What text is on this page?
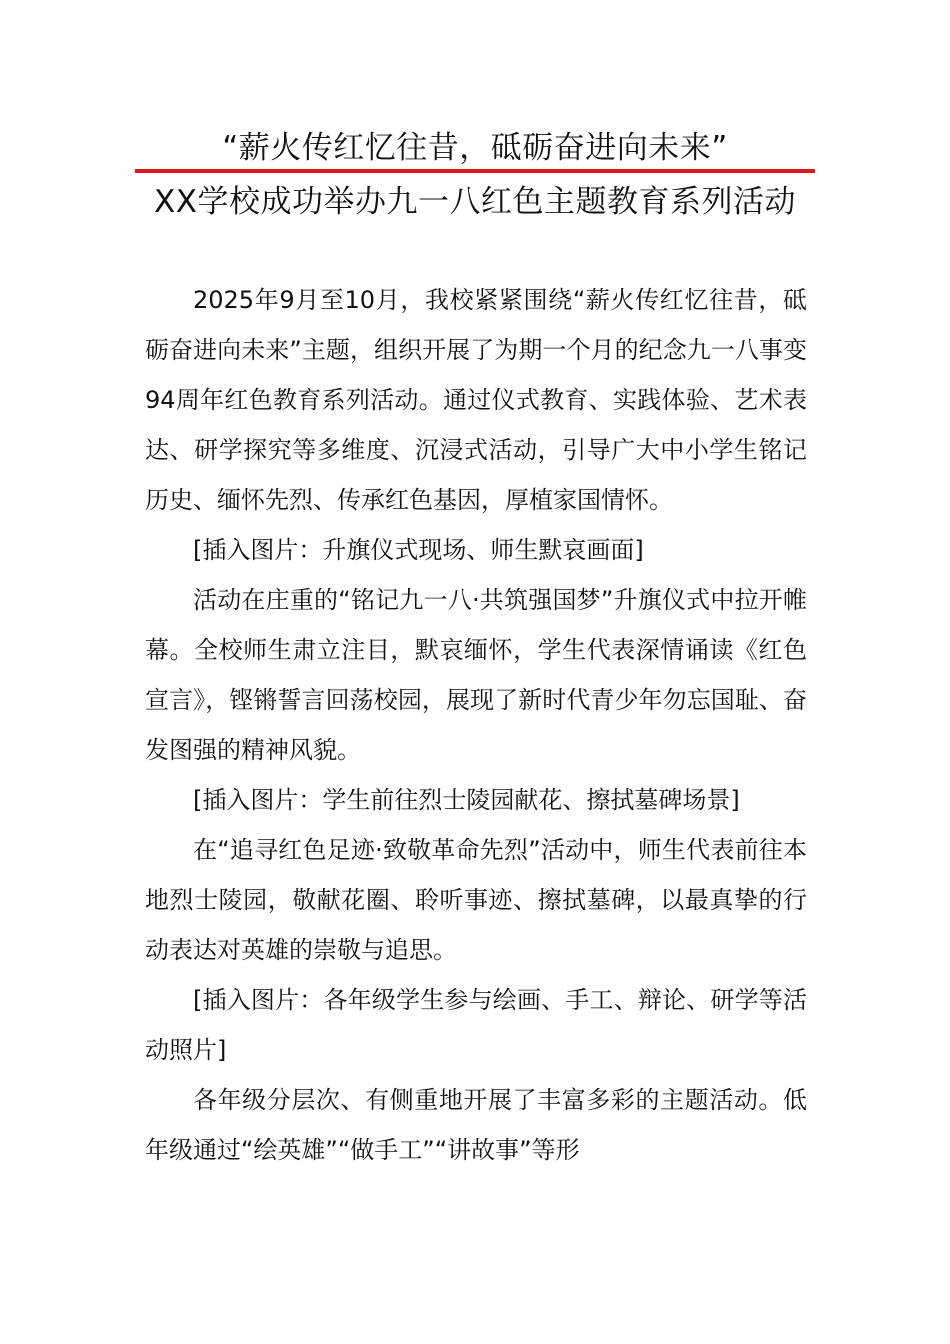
“薪火传红忆往昔，砥砺奋进向未来”
XX学校成功举办九一八红色主题教育系列活动

2025年9月至10月，我校紧紧围绕“薪火传红忆往昔，砥砺奋进向未来”主题，组织开展了为期一个月的纪念九一八事变94周年红色教育系列活动。通过仪式教育、实践体验、艺术表达、研学探究等多维度、沉浸式活动，引导广大中小学生铭记历史、缅怀先烈、传承红色基因，厚植家国情怀。

[插入图片：升旗仪式现场、师生默哀画面]

活动在庄重的“铭记九一八·共筑强国梦”升旗仪式中拉开帷幕。全校师生肃立注目，默哀缅怀，学生代表深情诵读《红色宣言》，铿锵誓言回荡校园，展现了新时代青少年勿忘国耻、奋发图强的精神风貌。

[插入图片：学生前往烈士陵园献花、擦拭墓碑场景]

在“追寻红色足迹·致敬革命先烈”活动中，师生代表前往本地烈士陵园，敬献花圈、聆听事迹、擦拭墓碑，以最真挚的行动表达对英雄的崇敬与追思。

[插入图片：各年级学生参与绘画、手工、辩论、研学等活动照片]

各年级分层次、有侧重地开展了丰富多彩的主题活动。低年级通过“绘英雄”“做手工”“讲故事”等形
